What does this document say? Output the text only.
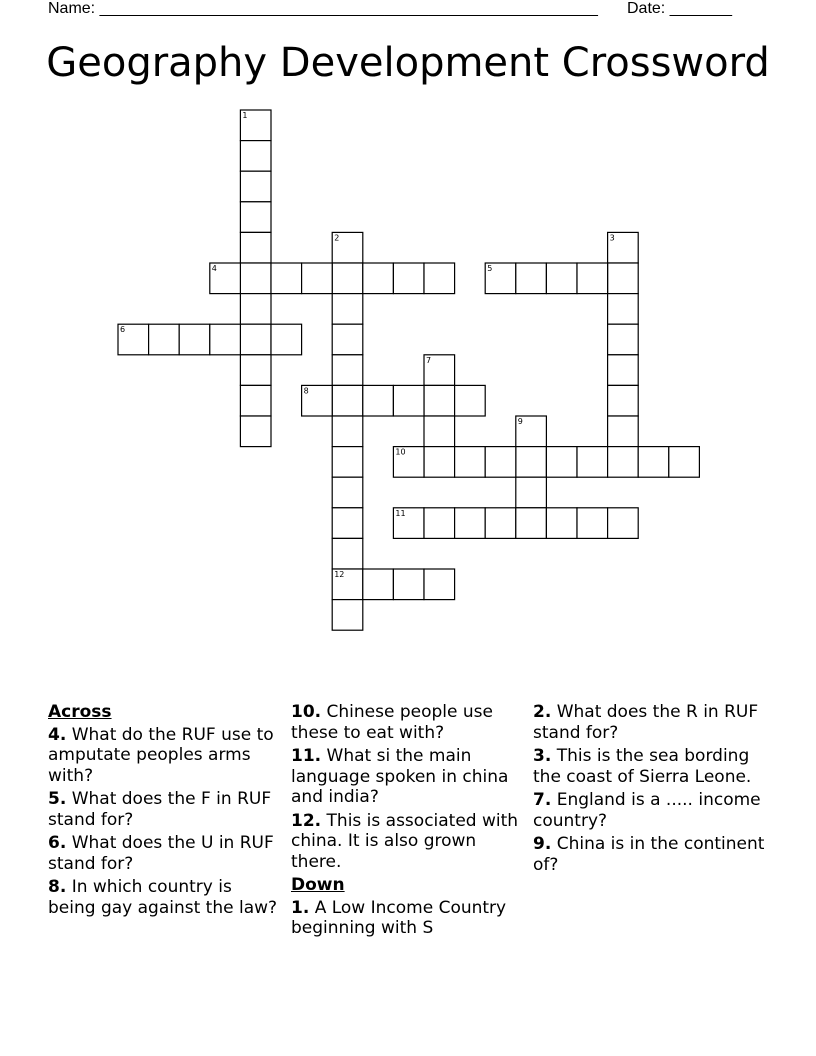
Name: ________________________________________________________ Date: _______
Geography Development Crossword
1
2	3
4	5
6
7
8
9
10
11
12
Across
4. What do the RUF use to amputate peoples arms with?
5. What does the F in RUF stand for?
6. What does the U in RUF stand for?
8. In which country is being gay against the law?
10. Chinese people use these to eat with?
11. What si the main language spoken in china and india?
12. This is associated with china. It is also grown there.
Down
1. A Low Income Country beginning with S
2. What does the R in RUF stand for?
3. This is the sea bording the coast of Sierra Leone.
7. England is a ..... income country?
9. China is in the continent of?
